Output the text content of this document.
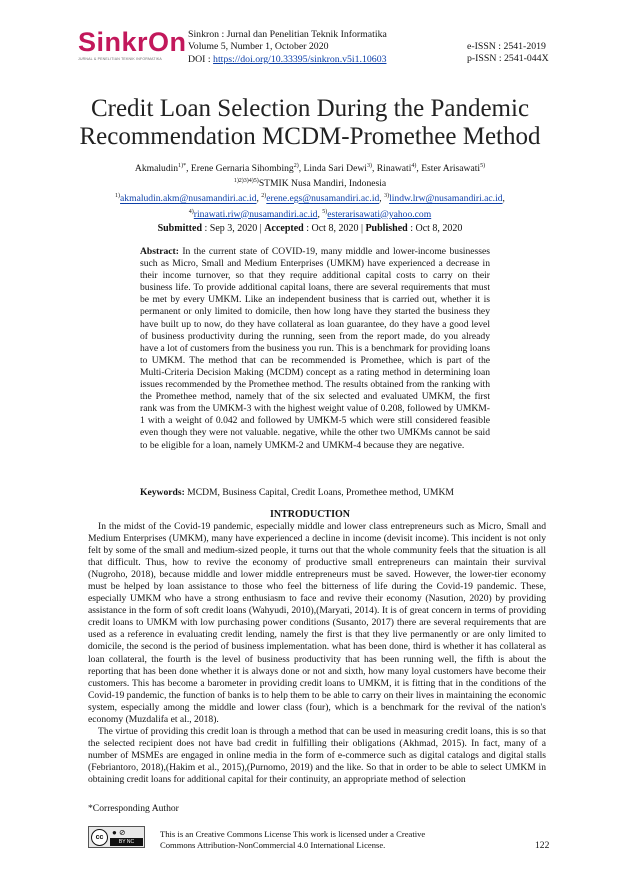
SinkrOn
JURNAL & PENELITIAN TEKNIK INFORMATIKA
Sinkron : Jurnal dan Penelitian Teknik Informatika
Volume 5, Number 1, October 2020
DOI : https://doi.org/10.33395/sinkron.v5i1.10603
e-ISSN : 2541-2019
p-ISSN : 2541-044X
Credit Loan Selection During the Pandemic
Recommendation MCDM-Promethee Method
Akmaludin$^{1)*}$, Erene Gernaria Sihombing$^{2)}$, Linda Sari Dewi$^{3)}$, Rinawati$^{4)}$, Ester Arisawati$^{5)}$
$^{1)2)3)4)5)}$STMIK Nusa Mandiri, Indonesia
$^{1)}$akmaludin.akm@nusamandiri.ac.id, $^{2)}$erene.egs@nusamandiri.ac.id, $^{3)}$lindw.lrw@nusamandiri.ac.id,
$^{4)}$rinawati.riw@nusamandiri.ac.id, $^{5)}$esterarisawati@yahoo.com
Submitted : Sep 3, 2020 | Accepted : Oct 8, 2020 | Published : Oct 8, 2020
Abstract: In the current state of COVID-19, many middle and lower-income businesses such as Micro, Small and Medium Enterprises (UMKM) have experienced a decrease in their income turnover, so that they require additional capital costs to carry on their business life. To provide additional capital loans, there are several requirements that must be met by every UMKM. Like an independent business that is carried out, whether it is permanent or only limited to domicile, then how long have they started the business they have built up to now, do they have collateral as loan guarantee, do they have a good level of business productivity during the running, seen from the report made, do you already have a lot of customers from the business you run. This is a benchmark for providing loans to UMKM. The method that can be recommended is Promethee, which is part of the Multi-Criteria Decision Making (MCDM) concept as a rating method in determining loan issues recommended by the Promethee method. The results obtained from the ranking with the Promethee method, namely that of the six selected and evaluated UMKM, the first rank was from the UMKM-3 with the highest weight value of 0.208, followed by UMKM-1 with a weight of 0.042 and followed by UMKM-5 which were still considered feasible even though they were not valuable. negative, while the other two UMKMs cannot be said to be eligible for a loan, namely UMKM-2 and UMKM-4 because they are negative.
Keywords: MCDM, Business Capital, Credit Loans, Promethee method, UMKM
INTRODUCTION

In the midst of the Covid-19 pandemic, especially middle and lower class entrepreneurs such as Micro, Small and Medium Enterprises (UMKM), many have experienced a decline in income (devisit income). This incident is not only felt by some of the small and medium-sized people, it turns out that the whole community feels that the situation is all that difficult. Thus, how to revive the economy of productive small entrepreneurs can maintain their survival (Nugroho, 2018), because middle and lower middle entrepreneurs must be saved. However, the lower-tier economy must be helped by loan assistance to those who feel the bitterness of life during the Covid-19 pandemic. These, especially UMKM who have a strong enthusiasm to face and revive their economy (Nasution, 2020) by providing assistance in the form of soft credit loans (Wahyudi, 2010),(Maryati, 2014). It is of great concern in terms of providing credit loans to UMKM with low purchasing power conditions (Susanto, 2017) there are several requirements that are used as a reference in evaluating credit lending, namely the first is that they live permanently or are only limited to domicile, the second is the period of business implementation. what has been done, third is whether it has collateral as loan collateral, the fourth is the level of business productivity that has been running well, the fifth is about the reporting that has been done whether it is always done or not and sixth, how many loyal customers have become their customers. This has become a barometer in providing credit loans to UMKM, it is fitting that in the conditions of the Covid-19 pandemic, the function of banks is to help them to be able to carry on their lives in maintaining the economic system, especially among the middle and lower class (four), which is a benchmark for the revival of the nation's economy (Muzdalifa et al., 2018).

The virtue of providing this credit loan is through a method that can be used in measuring credit loans, this is so that the selected recipient does not have bad credit in fulfilling their obligations (Akhmad, 2015). In fact, many of a number of MSMEs are engaged in online media in the form of e-commerce such as digital catalogs and digital stalls (Febriantoro, 2018),(Hakim et al., 2015),(Purnomo, 2019) and the like. So that in order to be able to select UMKM in obtaining credit loans for additional capital for their continuity, an appropriate method of selection

*Corresponding Author
cc
● ⊘
BY NC
This is an Creative Commons License This work is licensed under a Creative
Commons Attribution-NonCommercial 4.0 International License.	122
